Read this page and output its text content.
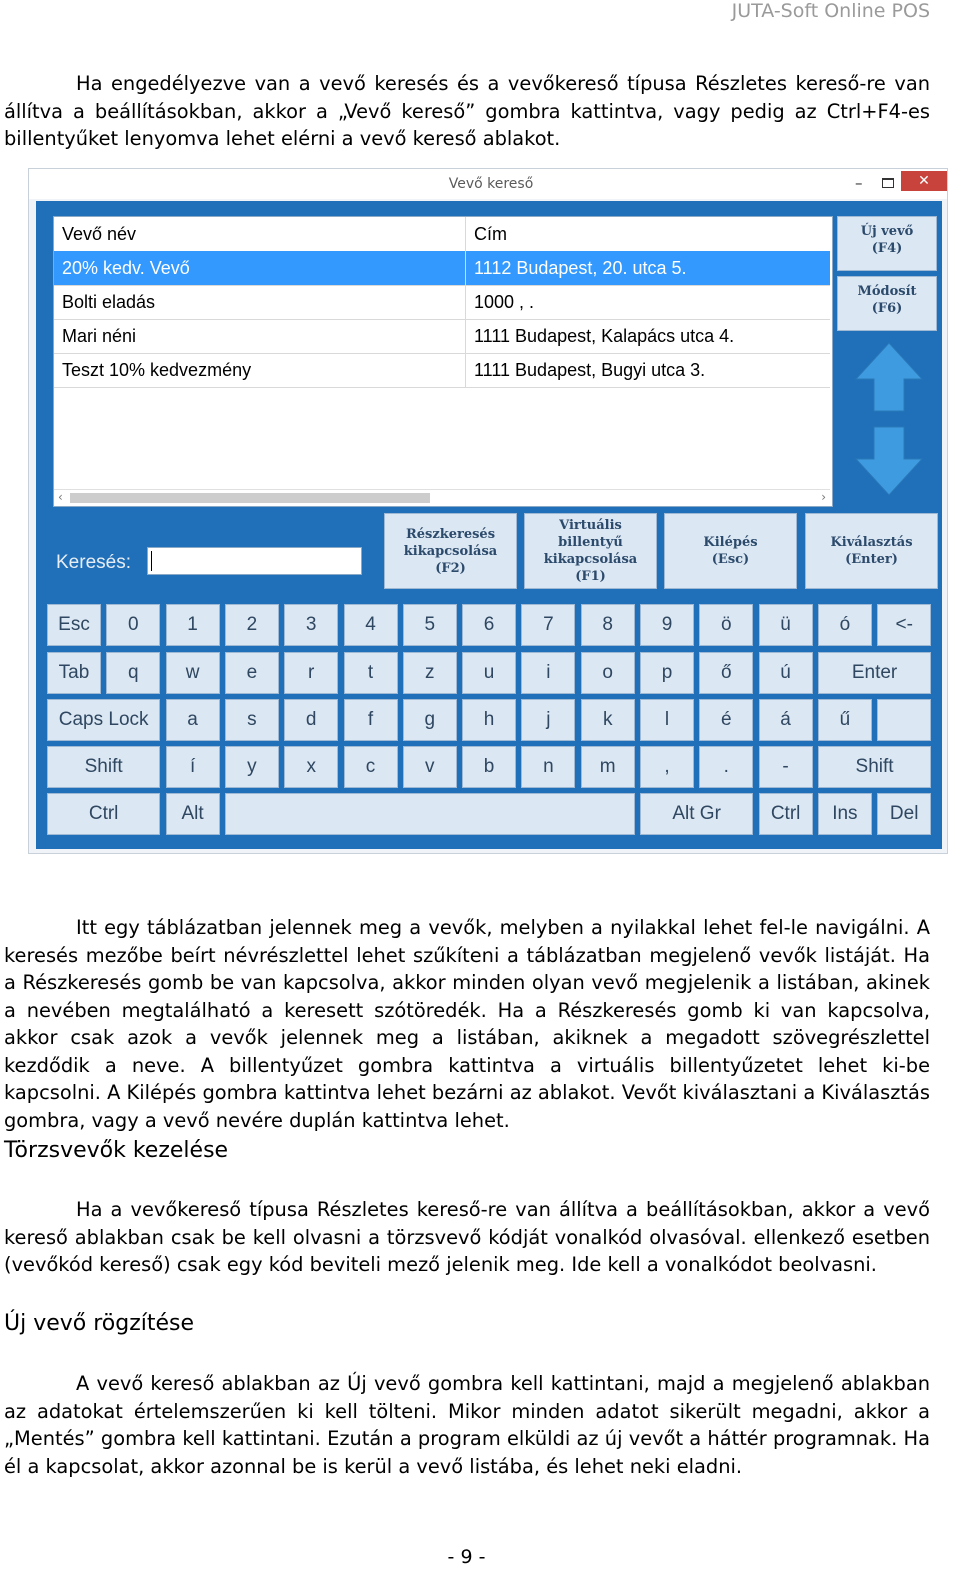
JUTA-Soft Online POS

Ha engedélyezve van a vevő keresés és a vevőkereső típusa Részletes kereső-re van állítva a beállításokban, akkor a „Vevő kereső” gombra kattintva, vagy pedig az Ctrl+F4-es billentyűket lenyomva lehet elérni a vevő kereső ablakot.

Vevő kereső	–	✕
Vevő név	Cím
20% kedv. Vevő	1112 Budapest, 20. utca 5.
Bolti eladás	1000 , .
Mari néni	1111 Budapest, Kalapács utca 4.
Teszt 10% kedvezmény	1111 Budapest, Bugyi utca 3.
‹	›
Új vevő
(F4)
Módosít
(F6)
Keresés:
Részkeresés
kikapcsolása
(F2)
Virtuális billentyű
kikapcsolása
(F1)
Kilépés
(Esc)
Kiválasztás
(Enter)
Esc	0	1	2	3	4	5	6	7	8	9	ö	ü	ó	<-
Tab	q	w	e	r	t	z	u	i	o	p	ő	ú	Enter
Caps Lock	a	s	d	f	g	h	j	k	l	é	á	ű
Shift	í	y	x	c	v	b	n	m	,	.	-	Shift
Ctrl	Alt	Alt Gr	Ctrl	Ins	Del

Itt egy táblázatban jelennek meg a vevők, melyben a nyilakkal lehet fel-le navigálni. A keresés mezőbe beírt névrészlettel lehet szűkíteni a táblázatban megjelenő vevők listáját. Ha a Részkeresés gomb be van kapcsolva, akkor minden olyan vevő megjelenik a listában, akinek a nevében megtalálható a keresett szótöredék. Ha a Részkeresés gomb ki van kapcsolva, akkor csak azok a vevők jelennek meg a listában, akiknek a megadott szövegrészlettel kezdődik a neve. A billentyűzet gombra kattintva a virtuális billentyűzetet lehet ki-be kapcsolni. A Kilépés gombra kattintva lehet bezárni az ablakot. Vevőt kiválasztani a Kiválasztás gombra, vagy a vevő nevére duplán kattintva lehet.

Törzsvevők kezelése

Ha a vevőkereső típusa Részletes kereső-re van állítva a beállításokban, akkor a vevő kereső ablakban csak be kell olvasni a törzsvevő kódját vonalkód olvasóval. ellenkező esetben (vevőkód kereső) csak egy kód beviteli mező jelenik meg. Ide kell a vonalkódot beolvasni.

Új vevő rögzítése

A vevő kereső ablakban az Új vevő gombra kell kattintani, majd a megjelenő ablakban az adatokat értelemszerűen ki kell tölteni. Mikor minden adatot sikerült megadni, akkor a „Mentés” gombra kell kattintani. Ezután a program elküldi az új vevőt a háttér programnak. Ha él a kapcsolat, akkor azonnal be is kerül a vevő listába, és lehet neki eladni.

- 9 -
